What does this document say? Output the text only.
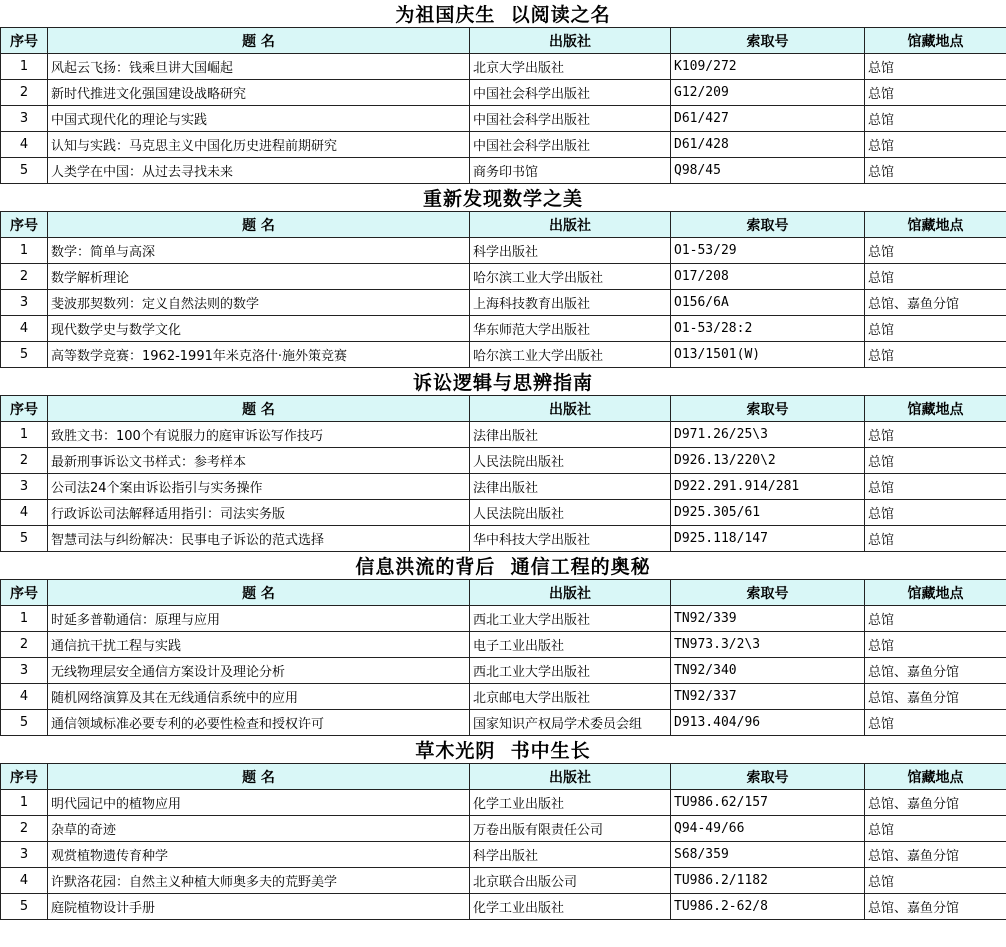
为祖国庆生  以阅读之名
序号	题 名	出版社	索取号	馆藏地点
1	风起云飞扬：钱乘旦讲大国崛起	北京大学出版社	K109/272	总馆
2	新时代推进文化强国建设战略研究	中国社会科学出版社	G12/209	总馆
3	中国式现代化的理论与实践	中国社会科学出版社	D61/427	总馆
4	认知与实践：马克思主义中国化历史进程前期研究	中国社会科学出版社	D61/428	总馆
5	人类学在中国：从过去寻找未来	商务印书馆	Q98/45	总馆
重新发现数学之美
序号	题 名	出版社	索取号	馆藏地点
1	数学：简单与高深	科学出版社	O1-53/29	总馆
2	数学解析理论	哈尔滨工业大学出版社	O17/208	总馆
3	斐波那契数列：定义自然法则的数学	上海科技教育出版社	O156/6A	总馆、嘉鱼分馆
4	现代数学史与数学文化	华东师范大学出版社	O1-53/28:2	总馆
5	高等数学竞赛：1962-1991年米克洛什·施外策竞赛	哈尔滨工业大学出版社	O13/1501(W)	总馆
诉讼逻辑与思辨指南
序号	题 名	出版社	索取号	馆藏地点
1	致胜文书：100个有说服力的庭审诉讼写作技巧	法律出版社	D971.26/25\3	总馆
2	最新刑事诉讼文书样式：参考样本	人民法院出版社	D926.13/220\2	总馆
3	公司法24个案由诉讼指引与实务操作	法律出版社	D922.291.914/281	总馆
4	行政诉讼司法解释适用指引：司法实务版	人民法院出版社	D925.305/61	总馆
5	智慧司法与纠纷解决：民事电子诉讼的范式选择	华中科技大学出版社	D925.118/147	总馆
信息洪流的背后  通信工程的奥秘
序号	题 名	出版社	索取号	馆藏地点
1	时延多普勒通信：原理与应用	西北工业大学出版社	TN92/339	总馆
2	通信抗干扰工程与实践	电子工业出版社	TN973.3/2\3	总馆
3	无线物理层安全通信方案设计及理论分析	西北工业大学出版社	TN92/340	总馆、嘉鱼分馆
4	随机网络演算及其在无线通信系统中的应用	北京邮电大学出版社	TN92/337	总馆、嘉鱼分馆
5	通信领域标准必要专利的必要性检查和授权许可	国家知识产权局学术委员会组	D913.404/96	总馆
草木光阴  书中生长
序号	题 名	出版社	索取号	馆藏地点
1	明代园记中的植物应用	化学工业出版社	TU986.62/157	总馆、嘉鱼分馆
2	杂草的奇迹	万卷出版有限责任公司	Q94-49/66	总馆
3	观赏植物遗传育种学	科学出版社	S68/359	总馆、嘉鱼分馆
4	许默洛花园：自然主义种植大师奥多夫的荒野美学	北京联合出版公司	TU986.2/1182	总馆
5	庭院植物设计手册	化学工业出版社	TU986.2-62/8	总馆、嘉鱼分馆
